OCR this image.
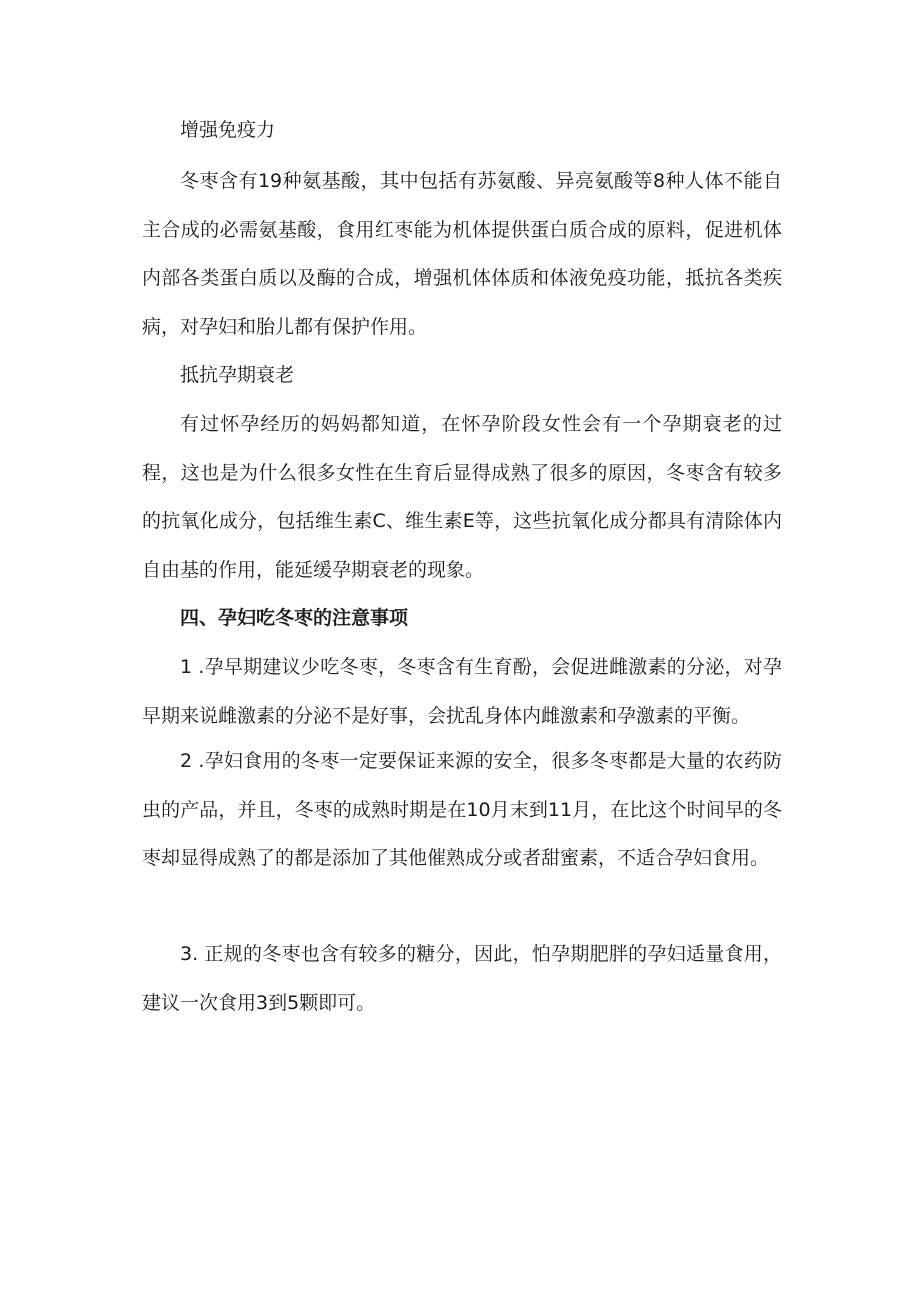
增强免疫力

冬枣含有19种氨基酸，其中包括有苏氨酸、异亮氨酸等8种人体不能自主合成的必需氨基酸，食用红枣能为机体提供蛋白质合成的原料，促进机体内部各类蛋白质以及酶的合成，增强机体体质和体液免疫功能，抵抗各类疾病，对孕妇和胎儿都有保护作用。

抵抗孕期衰老

有过怀孕经历的妈妈都知道，在怀孕阶段女性会有一个孕期衰老的过程，这也是为什么很多女性在生育后显得成熟了很多的原因，冬枣含有较多的抗氧化成分，包括维生素C、维生素E等，这些抗氧化成分都具有清除体内自由基的作用，能延缓孕期衰老的现象。

四、孕妇吃冬枣的注意事项

1 .孕早期建议少吃冬枣，冬枣含有生育酚，会促进雌激素的分泌，对孕早期来说雌激素的分泌不是好事，会扰乱身体内雌激素和孕激素的平衡。

2 .孕妇食用的冬枣一定要保证来源的安全，很多冬枣都是大量的农药防虫的产品，并且，冬枣的成熟时期是在10月末到11月，在比这个时间早的冬枣却显得成熟了的都是添加了其他催熟成分或者甜蜜素，不适合孕妇食用。

3. 正规的冬枣也含有较多的糖分，因此，怕孕期肥胖的孕妇适量食用，建议一次食用3到5颗即可。
